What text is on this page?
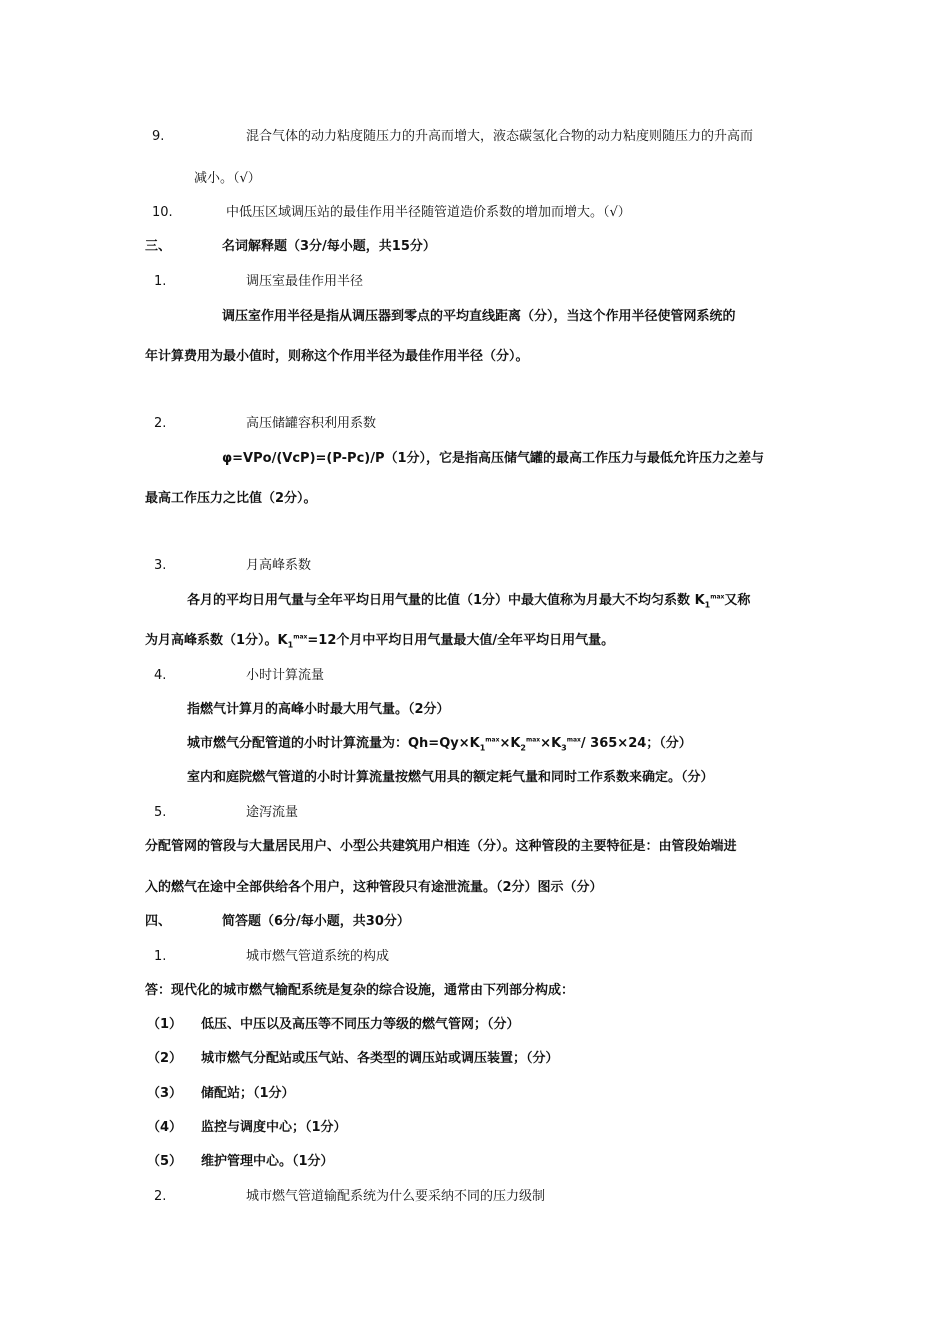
9.	混合气体的动力粘度随压力的升高而增大，液态碳氢化合物的动力粘度则随压力的升高而
减小。（√）
10.	中低压区域调压站的最佳作用半径随管道造价系数的增加而增大。（√）
三、	名词解释题（3分/每小题，共15分）
1.	调压室最佳作用半径
调压室作用半径是指从调压器到零点的平均直线距离（分），当这个作用半径使管网系统的
年计算费用为最小值时，则称这个作用半径为最佳作用半径（分）。
2.	高压储罐容积利用系数
φ=VPo/(VcP)=(P-Pc)/P（1分），它是指高压储气罐的最高工作压力与最低允许压力之差与
最高工作压力之比值（2分）。
3.	月高峰系数
各月的平均日用气量与全年平均日用气量的比值（1分）中最大值称为月最大不均匀系数 $K_1^{max}$又称
为月高峰系数（1分）。$K_1^{max}=12$个月中平均日用气量最大值/全年平均日用气量。
4.	小时计算流量
指燃气计算月的高峰小时最大用气量。（2分）
城市燃气分配管道的小时计算流量为：$Qh=Qy\times K_1^{max}\times K_2^{max}\times K_3^{max}/$ 365×24；（分）
室内和庭院燃气管道的小时计算流量按燃气用具的额定耗气量和同时工作系数来确定。（分）
5.	途泻流量
分配管网的管段与大量居民用户、小型公共建筑用户相连（分）。这种管段的主要特征是：由管段始端进
入的燃气在途中全部供给各个用户，这种管段只有途泄流量。（2分）图示（分）
四、	简答题（6分/每小题，共30分）
1.	城市燃气管道系统的构成
答：现代化的城市燃气输配系统是复杂的综合设施，通常由下列部分构成：
（1） 低压、中压以及高压等不同压力等级的燃气管网；（分）
（2） 城市燃气分配站或压气站、各类型的调压站或调压装置；（分）
（3） 储配站；（1分）
（4） 监控与调度中心；（1分）
（5） 维护管理中心。（1分）
2.	城市燃气管道输配系统为什么要采纳不同的压力级制
